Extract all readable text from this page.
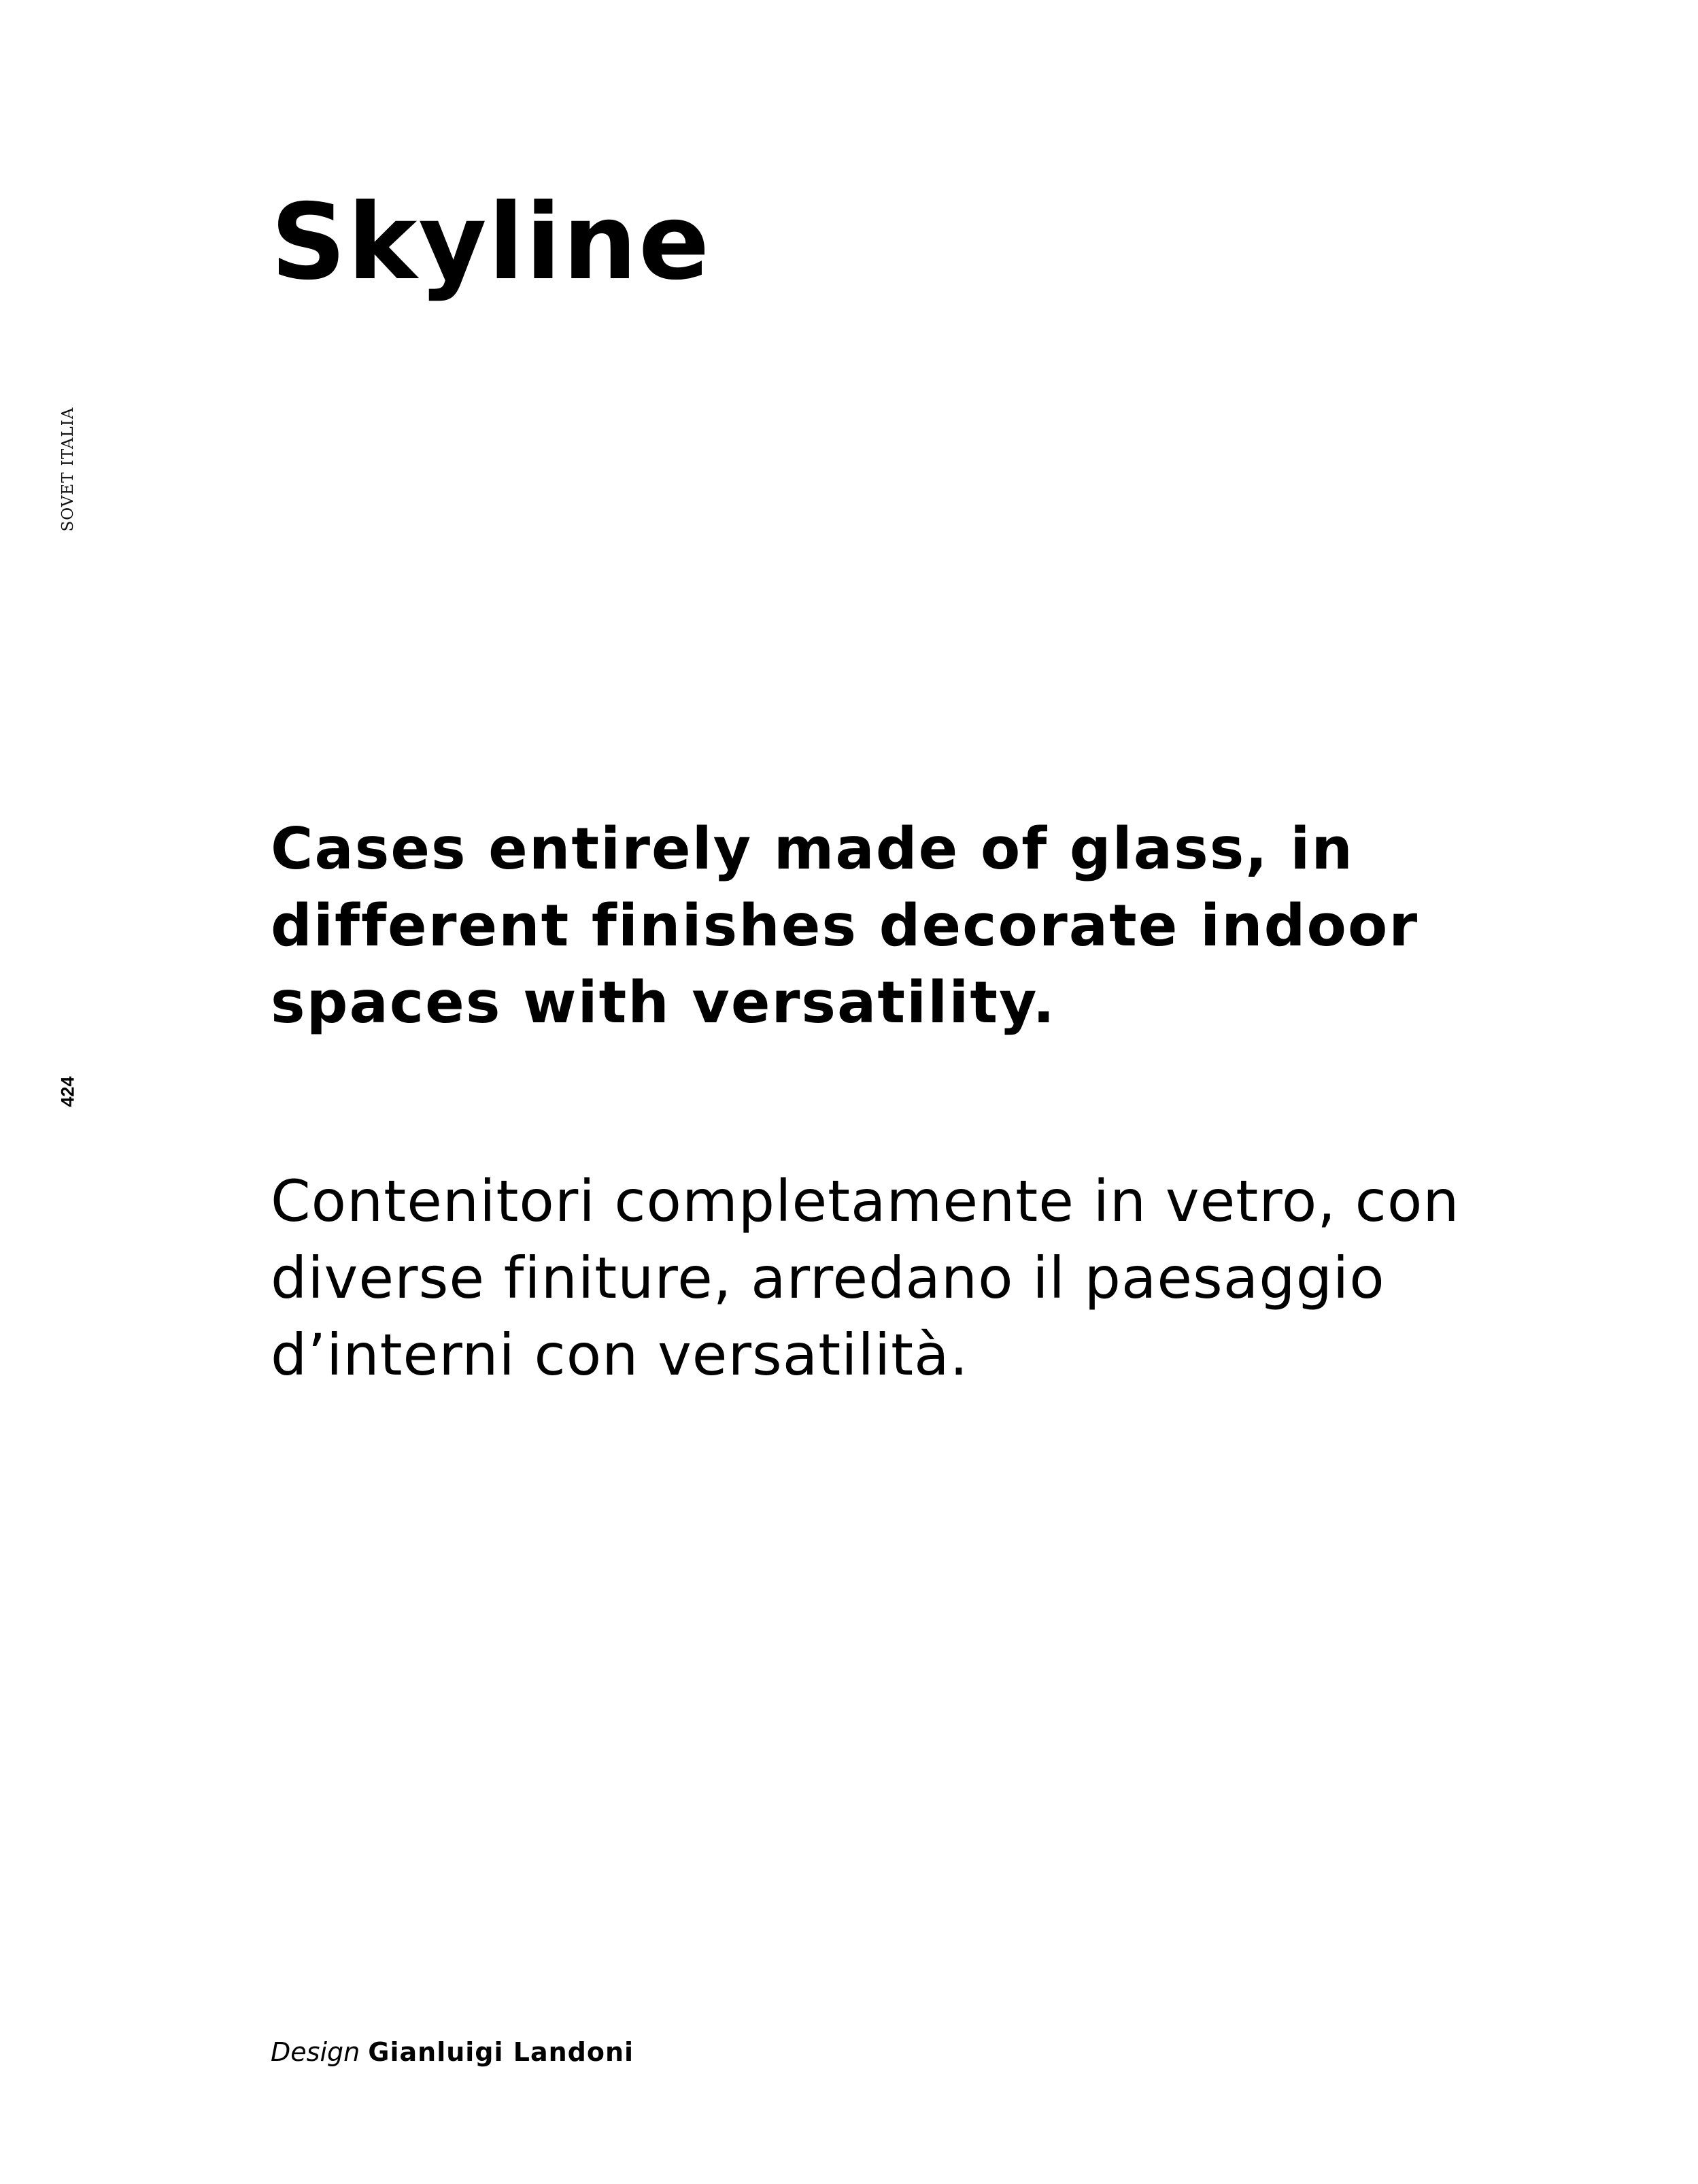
SOVET ITALIA
424
Skyline

Cases entirely made of glass, in
different finishes decorate indoor
spaces with versatility.

Contenitori completamente in vetro, con
diverse finiture, arredano il paesaggio
d’interni con versatilità.

Design Gianluigi Landoni
